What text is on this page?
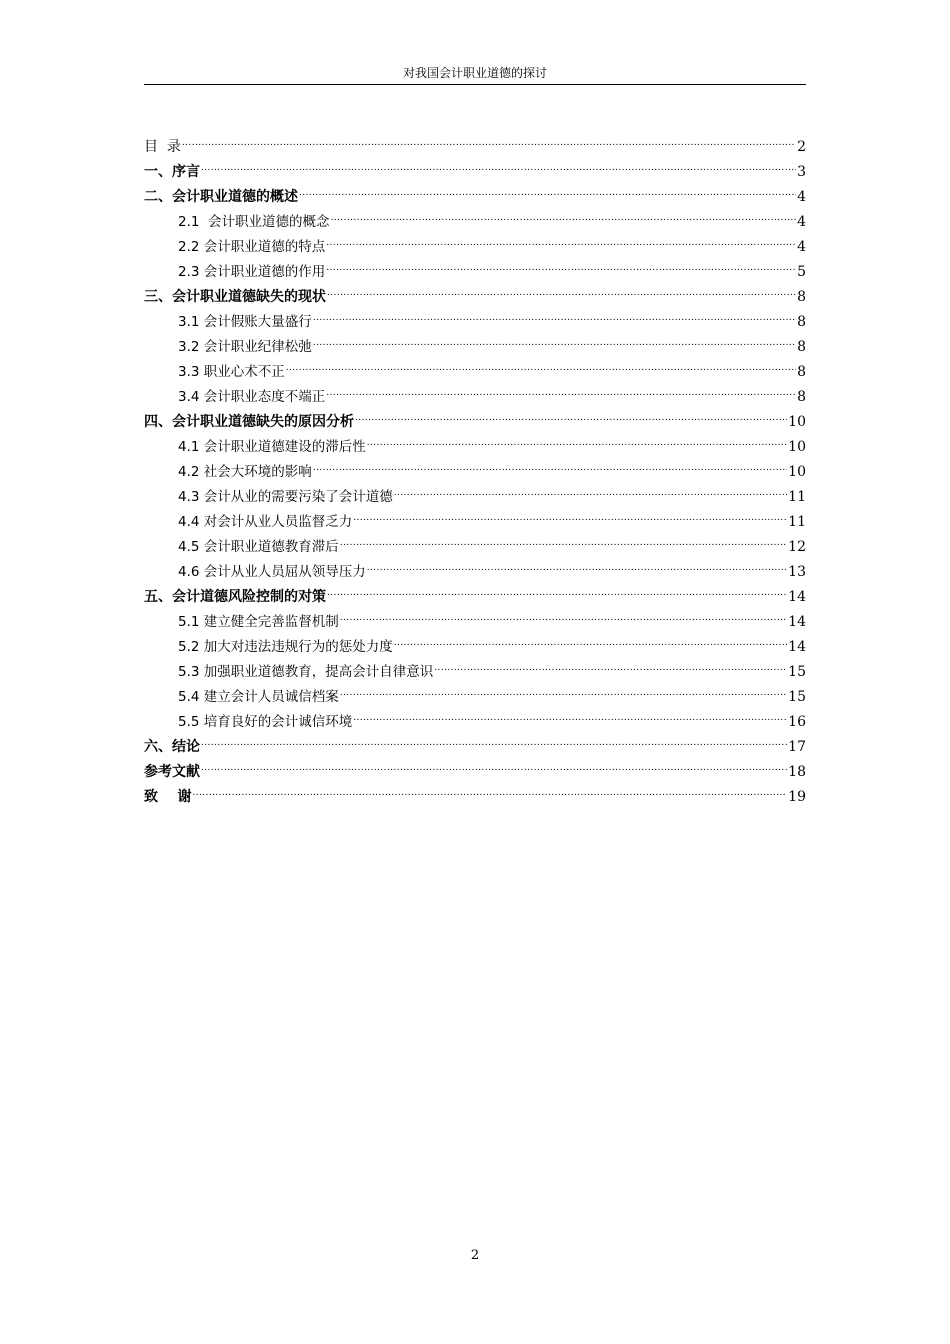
对我国会计职业道德的探讨
目  录 .....	2
一、序言 .....	3
二、会计职业道德的概述 .....	4
2.1  会计职业道德的概念 .....	4
2.2 会计职业道德的特点 .....	4
2.3 会计职业道德的作用 .....	5
三、会计职业道德缺失的现状 .....	8
3.1 会计假账大量盛行 .....	8
3.2 会计职业纪律松弛 .....	8
3.3 职业心术不正 .....	8
3.4 会计职业态度不端正 .....	8
四、会计职业道德缺失的原因分析 .....	10
4.1 会计职业道德建设的滞后性 .....	10
4.2 社会大环境的影响 .....	10
4.3 会计从业的需要污染了会计道德 .....	11
4.4 对会计从业人员监督乏力 .....	11
4.5 会计职业道德教育滞后 .....	12
4.6 会计从业人员屈从领导压力 .....	13
五、会计道德风险控制的对策 .....	14
5.1 建立健全完善监督机制 .....	14
5.2 加大对违法违规行为的惩处力度 .....	14
5.3 加强职业道德教育，提高会计自律意识 .....	15
5.4 建立会计人员诚信档案 .....	15
5.5 培育良好的会计诚信环境 .....	16
六、结论 .....	17
参考文献 .....	18
致    谢 .....	19
2
